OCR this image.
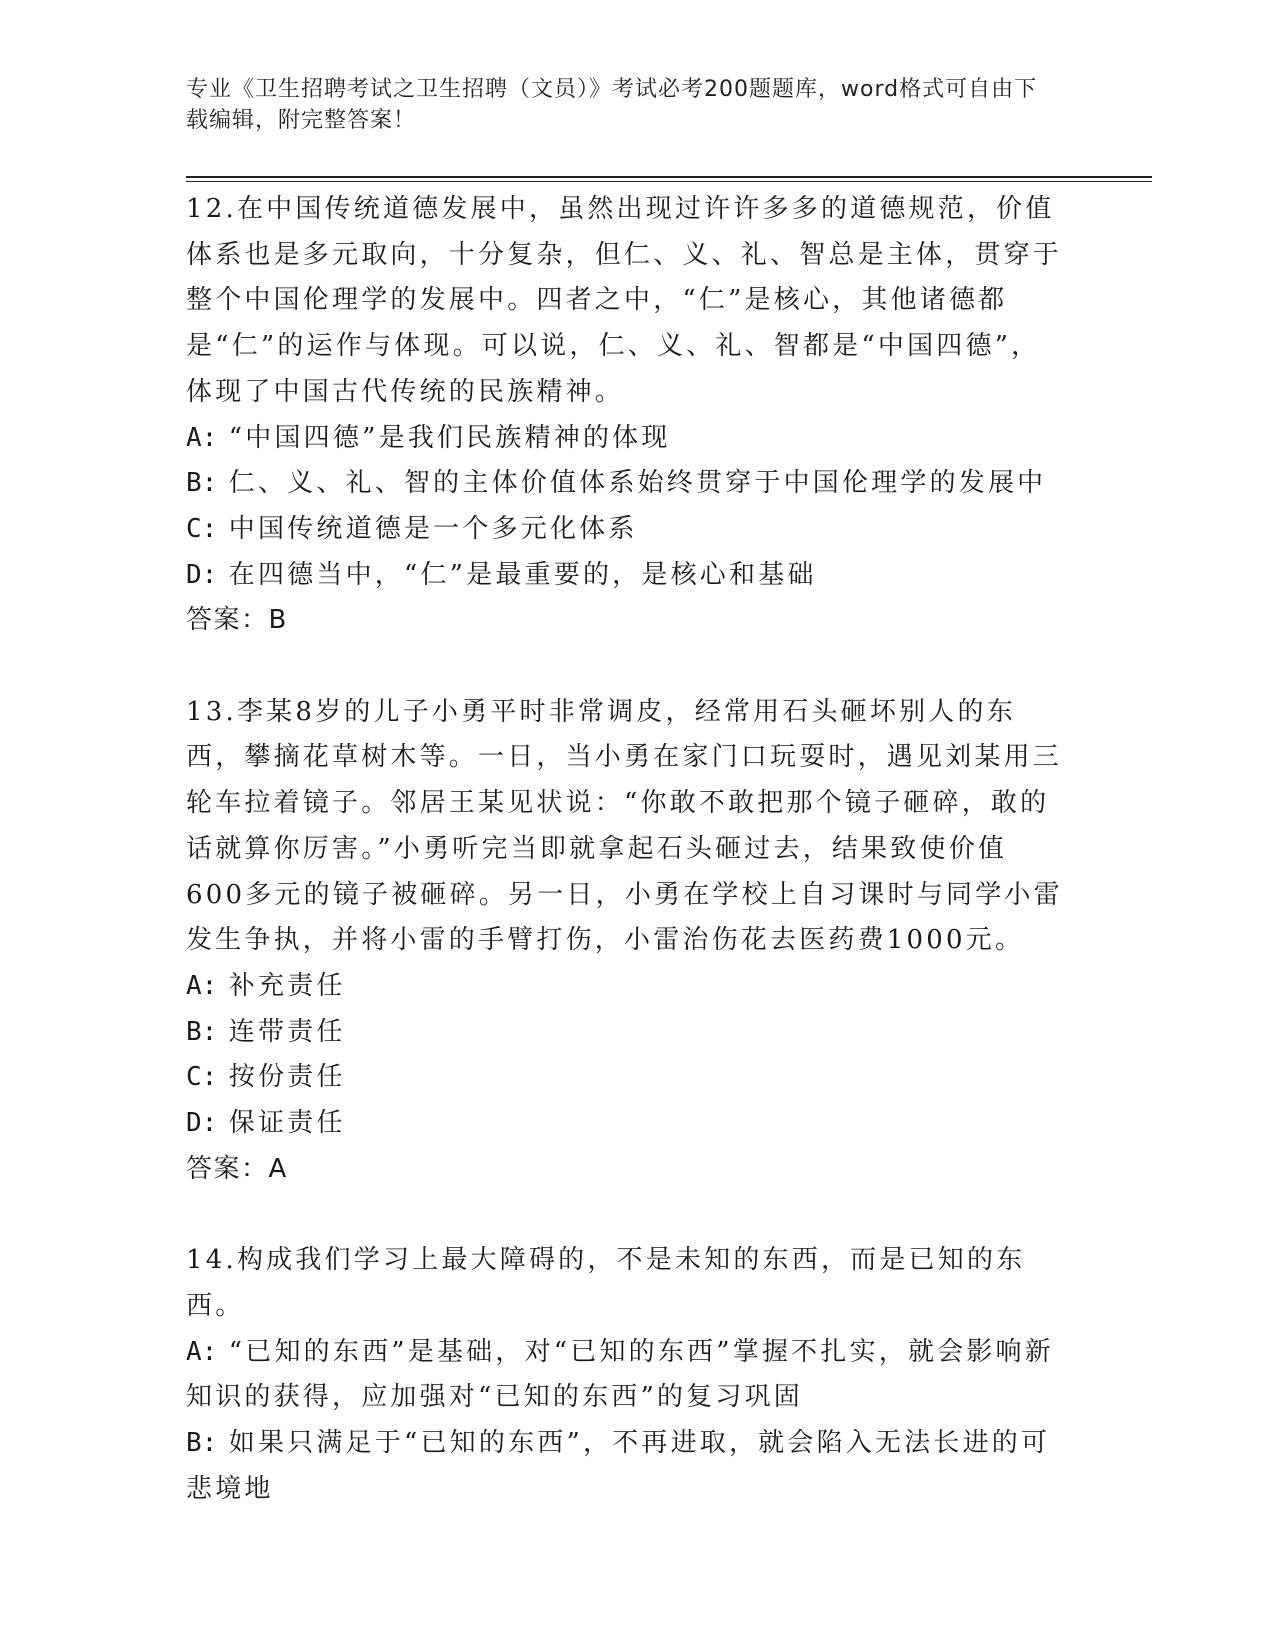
专业《卫生招聘考试之卫生招聘（文员）》考试必考200题题库，word格式可自由下载编辑，附完整答案！

12.在中国传统道德发展中，虽然出现过许许多多的道德规范，价值体系也是多元取向，十分复杂，但仁、义、礼、智总是主体，贯穿于整个中国伦理学的发展中。四者之中，“仁”是核心，其他诸德都是“仁”的运作与体现。可以说，仁、义、礼、智都是“中国四德”，体现了中国古代传统的民族精神。

A: “中国四德”是我们民族精神的体现

B: 仁、义、礼、智的主体价值体系始终贯穿于中国伦理学的发展中

C: 中国传统道德是一个多元化体系

D: 在四德当中，“仁”是最重要的，是核心和基础

答案：B

13.李某8岁的儿子小勇平时非常调皮，经常用石头砸坏别人的东西，攀摘花草树木等。一日，当小勇在家门口玩耍时，遇见刘某用三轮车拉着镜子。邻居王某见状说：“你敢不敢把那个镜子砸碎，敢的话就算你厉害。”小勇听完当即就拿起石头砸过去，结果致使价值600多元的镜子被砸碎。另一日，小勇在学校上自习课时与同学小雷发生争执，并将小雷的手臂打伤，小雷治伤花去医药费1000元。

A: 补充责任

B: 连带责任

C: 按份责任

D: 保证责任

答案：A

14.构成我们学习上最大障碍的，不是未知的东西，而是已知的东西。

A: “已知的东西”是基础，对“已知的东西”掌握不扎实，就会影响新知识的获得，应加强对“已知的东西”的复习巩固

B: 如果只满足于“已知的东西”，不再进取，就会陷入无法长进的可悲境地
